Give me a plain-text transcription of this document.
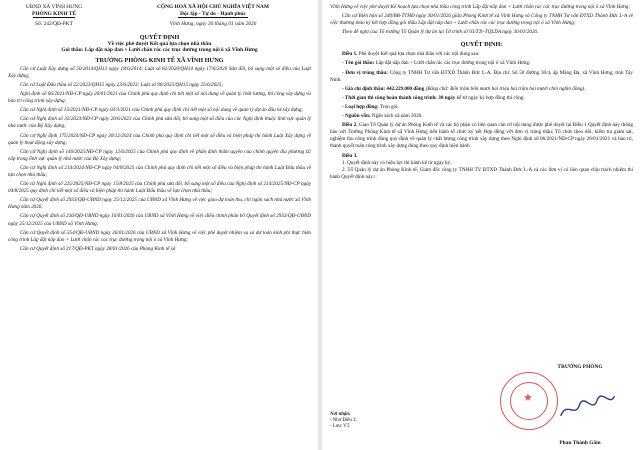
UBND XÃ VĨNH HƯNG
PHÒNG KINH TẾ
Số: 242/QĐ-PKT
CỘNG HOÀ XÃ HỘI CHỦ NGHĨA VIỆT NAM
Độc lập - Tự do - Hạnh phúc
Vĩnh Hưng, ngày 30 tháng 01 năm 2026
QUYẾT ĐỊNH
Về việc phê duyệt Kết quả lựa chọn nhà thầu
Gói thầu: Lắp đặt nắp đan + Lưới chắn rác các trục đường trong nội ô xã Vĩnh Hưng
TRƯỞNG PHÒNG KINH TẾ XÃ VĨNH HƯNG

Căn cứ Luật Xây dựng số 50/2014/QH13 ngày 18/6/2014; Luật số 62/2020/QH14 ngày 17/6/2020 Sửa đổi, bổ sung một số điều của Luật Xây dựng;

Căn cứ Luật Đấu thầu số 22/2023/QH15 ngày 23/6/2023; Luật số 90/2025/QH15 ngày 25/6/2025;

Nghị định số 06/2021/NĐ-CP ngày 26/01/2021 của Chính phủ quy định chi tiết một số nội dung về quản lý chất lượng, thi công xây dựng và bảo trì công trình xây dựng;

Căn cứ Nghị định số 15/2021/NĐ-CP ngày 03/3/2021 của Chính phủ quy định chi tiết một số nội dung về quản lý dự án đầu tư xây dựng;

Căn cứ Nghị định số 35/2023/NĐ-CP ngày 20/6/2023 của Chính phủ sửa đổi, bổ sung một số điều của các Nghị định thuộc lĩnh vực quản lý nhà nước của Bộ Xây dựng;

Căn cứ Nghị định 175/2024/NĐ-CP ngày 30/12/2024 của Chính phủ quy định chi tiết một số điều và biện pháp thi hành Luật Xây dựng về quản lý hoạt động xây dựng;

Căn cứ Nghị định số 140/2025/NĐ-CP ngày 12/6/2025 của Chính phủ quy định về phân định thẩm quyền của chính quyền địa phương 02 cấp trong lĩnh vực quản lý nhà nước của Bộ Xây dựng;

Căn cứ Nghị định số 214/2024/NĐ-CP ngày 04/8/2025 của Chính phủ quy định chi tiết một số điều và biện pháp thi hành Luật Đấu thầu về lựa chọn nhà thầu;

Căn cứ Nghị định số 225/2025/NĐ-CP ngày 15/8/2025 của Chính phủ sửa đổi, bổ sung một số điều của Nghị định số 214/2025/NĐ-CP ngày 04/8/2025 quy định chi tiết một số điều và biện pháp thi hành Luật Đấu thầu về lựa chọn nhà thầu;

Căn cứ Quyết định số 2933/QĐ-UBND ngày 25/12/2025 của UBND xã Vĩnh Hưng về việc giao dự toán thu, chi ngân sách nhà nước xã Vĩnh Hưng năm 2026;

Căn cứ Quyết định số 216/QĐ-UBND ngày 16/01/2026 của UBND xã Vĩnh Hưng về việc điều chỉnh phân bổ Quyết định số 2933/QĐ-UBND ngày 25/12/2025 của UBND xã Vĩnh Hưng;

Căn cứ Quyết định số 354/QĐ-UBND ngày 26/01/2026 của UBND xã Vĩnh Hưng về việc phê duyệt nhiệm vụ và dự toán kinh phí thực hiện công trình Lắp đặt nắp đan + Lưới chắn rác các trục đường trong nội ô xã Vĩnh Hưng;

Căn cứ Quyết định số 217/QĐ-PKT ngày 28/01/2026 của Phòng Kinh tế xã

Vĩnh Hưng về việc phê duyệt Kế hoạch lựa chọn nhà thầu công trình Lắp đặt nắp đan + Lưới chắn rác các trục đường trong nội ô xã Vĩnh Hưng;

Căn cứ Biên bản số 240/BB-TTHĐ ngày 30/01/2026 giữa Phòng Kinh tế xã Vĩnh Hưng và Công ty TNHH Tư vấn ĐTXD Thành Đức L-A về việc thương thảo ký kết hợp đồng gói thầu Lắp đặt nắp đan + Lưới chắn rác các trục đường trong nội ô xã Vĩnh Hưng;

Theo đề nghị của Tổ trưởng Tổ Quản lý dự án tại Tờ trình số 03/TTr-TQLDA ngày 30/01/2026.

QUYẾT ĐỊNH:

Điều 1. Phê duyệt Kết quả lựa chọn nhà thầu với các nội dung sau:

- Tên gói thầu: Lắp đặt nắp đan + Lưới chắn rác các trục đường trong nội ô xã Vĩnh Hưng.

- Đơn vị trúng thầu: Công ty TNHH Tư vấn ĐTXD Thành Đức L-A. Địa chỉ: Số 50 đường 30/4, ấp Mãng Đa, xã Vĩnh Hưng, tỉnh Tây Ninh.

- Giá chi định thầu: 442.229.000 đồng (Bằng chữ: Bốn trăm bốn mươi hai triệu hai trăm hai mươi chín nghìn đồng).

- Thời gian thi công hoàn thành công trình: 30 ngày kể từ ngày ký hợp đồng thi công.

- Loại hợp đồng: Trọn gói.

- Nguồn vốn: Ngân sách xã năm 2026.

Điều 2. Giao Tổ Quản lý dự án Phòng Kinh tế và các bộ phận có liên quan căn cứ nội dung được phê duyệt tại Điều 1 Quyết định này thông báo với Trưởng Phòng Kinh tế xã Vĩnh Hưng tiến hành tổ chức ký kết Hợp đồng với đơn vị trúng thầu; Tổ chức theo dõi, kiểm tra giám sát, nghiệm thu công trình đúng quy định về quản lý chất lượng công trình xây dựng theo Nghị định số 06/2021/NĐ-CP ngày 26/01/2021 và bảo trì, thanh quyết toán công trình xây dựng đúng theo quy định hiện hành.

Điều 3.

1. Quyết định này có hiệu lực thi hành kể từ ngày ký.

2. Tổ Quản lý dự án Phòng Kinh tế, Giám đốc công ty TNHH TV ĐTXD Thành Đức L-A và các đơn vị có liên quan chịu trách nhiệm thi hành Quyết định này./.

Nơi nhận:
- Như Điều 3;
- Lưu: VT.
TRƯỞNG PHÒNG
★
Phan Thành Gấm
